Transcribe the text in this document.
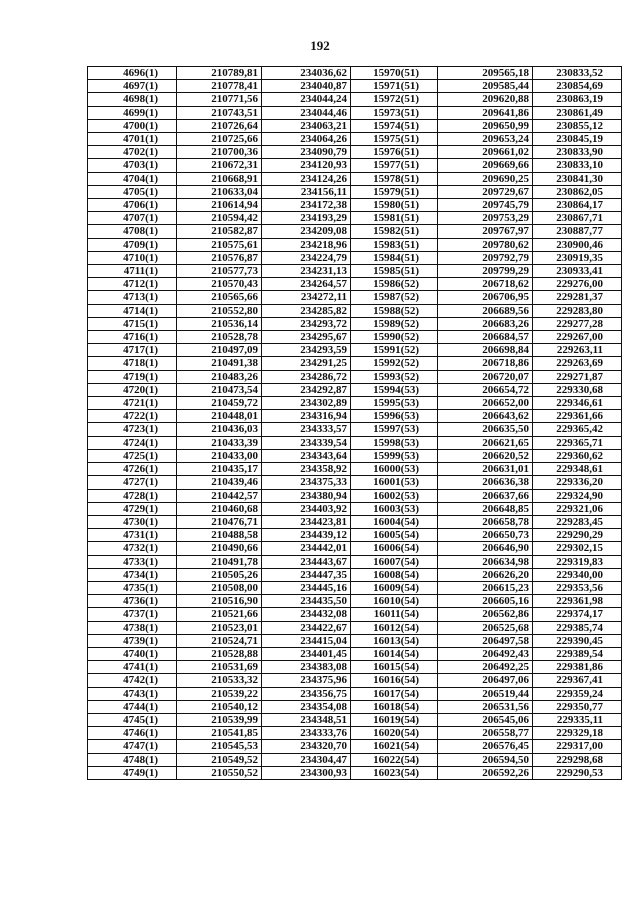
192
4696(1)	210789,81	234036,62	15970(51)	209565,18	230833,52
4697(1)	210778,41	234040,87	15971(51)	209585,44	230854,69
4698(1)	210771,56	234044,24	15972(51)	209620,88	230863,19
4699(1)	210743,51	234044,46	15973(51)	209641,86	230861,49
4700(1)	210726,64	234063,21	15974(51)	209650,99	230855,12
4701(1)	210725,66	234064,26	15975(51)	209653,24	230845,19
4702(1)	210700,36	234090,79	15976(51)	209661,02	230833,90
4703(1)	210672,31	234120,93	15977(51)	209669,66	230833,10
4704(1)	210668,91	234124,26	15978(51)	209690,25	230841,30
4705(1)	210633,04	234156,11	15979(51)	209729,67	230862,05
4706(1)	210614,94	234172,38	15980(51)	209745,79	230864,17
4707(1)	210594,42	234193,29	15981(51)	209753,29	230867,71
4708(1)	210582,87	234209,08	15982(51)	209767,97	230887,77
4709(1)	210575,61	234218,96	15983(51)	209780,62	230900,46
4710(1)	210576,87	234224,79	15984(51)	209792,79	230919,35
4711(1)	210577,73	234231,13	15985(51)	209799,29	230933,41
4712(1)	210570,43	234264,57	15986(52)	206718,62	229276,00
4713(1)	210565,66	234272,11	15987(52)	206706,95	229281,37
4714(1)	210552,80	234285,82	15988(52)	206689,56	229283,80
4715(1)	210536,14	234293,72	15989(52)	206683,26	229277,28
4716(1)	210528,78	234295,67	15990(52)	206684,57	229267,00
4717(1)	210497,09	234293,59	15991(52)	206698,84	229263,11
4718(1)	210491,38	234291,25	15992(52)	206718,86	229263,69
4719(1)	210483,26	234286,72	15993(52)	206720,07	229271,87
4720(1)	210473,54	234292,87	15994(53)	206654,72	229330,68
4721(1)	210459,72	234302,89	15995(53)	206652,00	229346,61
4722(1)	210448,01	234316,94	15996(53)	206643,62	229361,66
4723(1)	210436,03	234333,57	15997(53)	206635,50	229365,42
4724(1)	210433,39	234339,54	15998(53)	206621,65	229365,71
4725(1)	210433,00	234343,64	15999(53)	206620,52	229360,62
4726(1)	210435,17	234358,92	16000(53)	206631,01	229348,61
4727(1)	210439,46	234375,33	16001(53)	206636,38	229336,20
4728(1)	210442,57	234380,94	16002(53)	206637,66	229324,90
4729(1)	210460,68	234403,92	16003(53)	206648,85	229321,06
4730(1)	210476,71	234423,81	16004(54)	206658,78	229283,45
4731(1)	210488,58	234439,12	16005(54)	206650,73	229290,29
4732(1)	210490,66	234442,01	16006(54)	206646,90	229302,15
4733(1)	210491,78	234443,67	16007(54)	206634,98	229319,83
4734(1)	210505,26	234447,35	16008(54)	206626,20	229340,00
4735(1)	210508,00	234445,16	16009(54)	206615,23	229353,56
4736(1)	210516,90	234435,50	16010(54)	206605,16	229361,98
4737(1)	210521,66	234432,08	16011(54)	206562,86	229374,17
4738(1)	210523,01	234422,67	16012(54)	206525,68	229385,74
4739(1)	210524,71	234415,04	16013(54)	206497,58	229390,45
4740(1)	210528,88	234401,45	16014(54)	206492,43	229389,54
4741(1)	210531,69	234383,08	16015(54)	206492,25	229381,86
4742(1)	210533,32	234375,96	16016(54)	206497,06	229367,41
4743(1)	210539,22	234356,75	16017(54)	206519,44	229359,24
4744(1)	210540,12	234354,08	16018(54)	206531,56	229350,77
4745(1)	210539,99	234348,51	16019(54)	206545,06	229335,11
4746(1)	210541,85	234333,76	16020(54)	206558,77	229329,18
4747(1)	210545,53	234320,70	16021(54)	206576,45	229317,00
4748(1)	210549,52	234304,47	16022(54)	206594,50	229298,68
4749(1)	210550,52	234300,93	16023(54)	206592,26	229290,53
